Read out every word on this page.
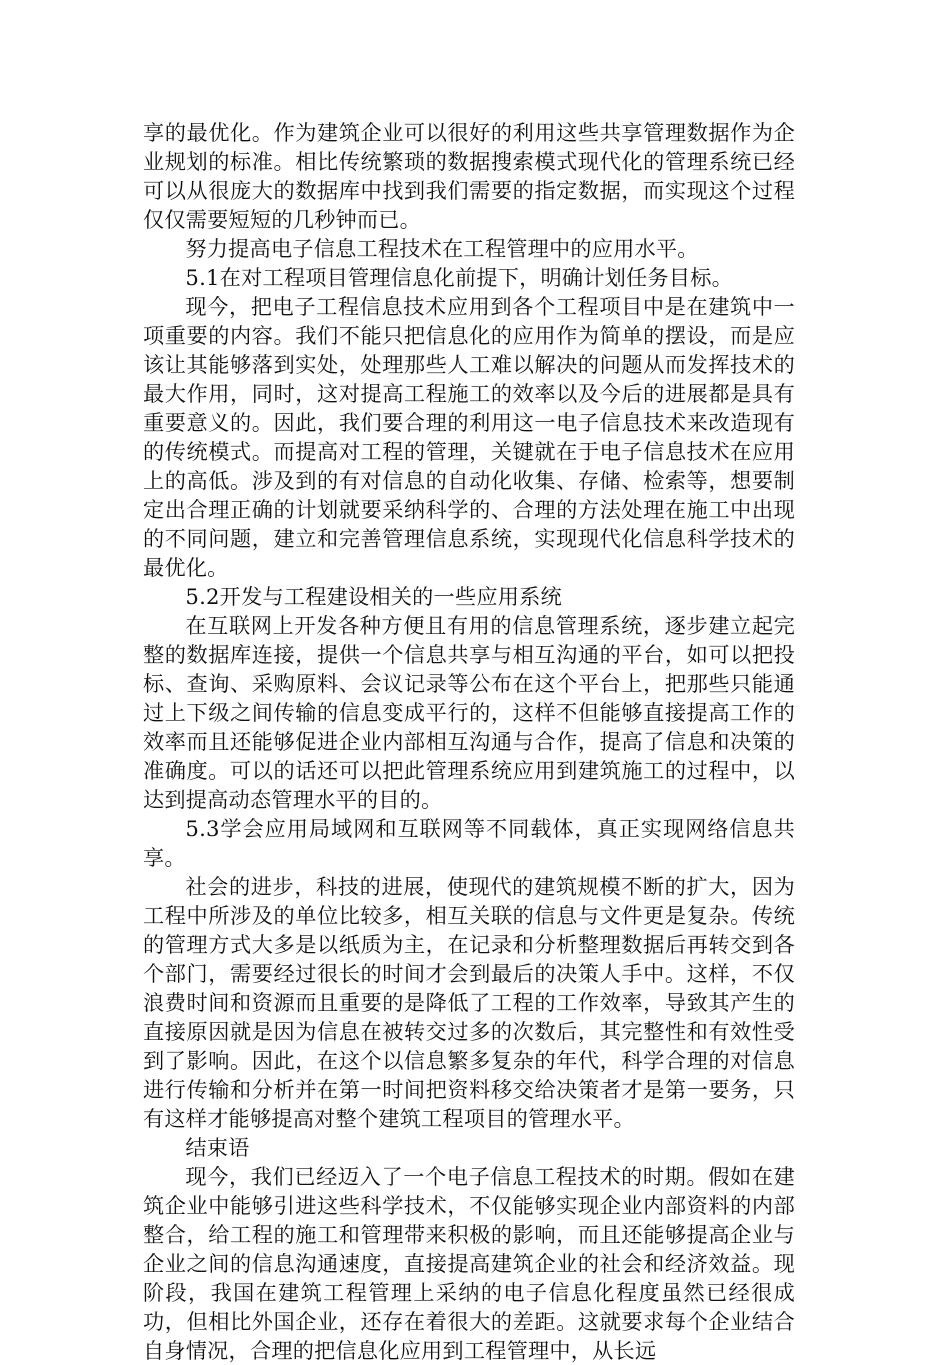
享的最优化。作为建筑企业可以很好的利用这些共享管理数据作为企业规划的标准。相比传统繁琐的数据搜索模式现代化的管理系统已经可以从很庞大的数据库中找到我们需要的指定数据，而实现这个过程仅仅需要短短的几秒钟而已。

努力提高电子信息工程技术在工程管理中的应用水平。

5.1在对工程项目管理信息化前提下，明确计划任务目标。

现今，把电子工程信息技术应用到各个工程项目中是在建筑中一项重要的内容。我们不能只把信息化的应用作为简单的摆设，而是应该让其能够落到实处，处理那些人工难以解决的问题从而发挥技术的最大作用，同时，这对提高工程施工的效率以及今后的进展都是具有重要意义的。因此，我们要合理的利用这一电子信息技术来改造现有的传统模式。而提高对工程的管理，关键就在于电子信息技术在应用上的高低。涉及到的有对信息的自动化收集、存储、检索等，想要制定出合理正确的计划就要采纳科学的、合理的方法处理在施工中出现的不同问题，建立和完善管理信息系统，实现现代化信息科学技术的最优化。

5.2开发与工程建设相关的一些应用系统

在互联网上开发各种方便且有用的信息管理系统，逐步建立起完整的数据库连接，提供一个信息共享与相互沟通的平台，如可以把投标、查询、采购原料、会议记录等公布在这个平台上，把那些只能通过上下级之间传输的信息变成平行的，这样不但能够直接提高工作的效率而且还能够促进企业内部相互沟通与合作，提高了信息和决策的准确度。可以的话还可以把此管理系统应用到建筑施工的过程中，以达到提高动态管理水平的目的。

5.3学会应用局域网和互联网等不同载体，真正实现网络信息共享。

社会的进步，科技的进展，使现代的建筑规模不断的扩大，因为工程中所涉及的单位比较多，相互关联的信息与文件更是复杂。传统的管理方式大多是以纸质为主，在记录和分析整理数据后再转交到各个部门，需要经过很长的时间才会到最后的决策人手中。这样，不仅浪费时间和资源而且重要的是降低了工程的工作效率，导致其产生的直接原因就是因为信息在被转交过多的次数后，其完整性和有效性受到了影响。因此，在这个以信息繁多复杂的年代，科学合理的对信息进行传输和分析并在第一时间把资料移交给决策者才是第一要务，只有这样才能够提高对整个建筑工程项目的管理水平。

结束语

现今，我们已经迈入了一个电子信息工程技术的时期。假如在建筑企业中能够引进这些科学技术，不仅能够实现企业内部资料的内部整合，给工程的施工和管理带来积极的影响，而且还能够提高企业与企业之间的信息沟通速度，直接提高建筑企业的社会和经济效益。现阶段，我国在建筑工程管理上采纳的电子信息化程度虽然已经很成功，但相比外国企业，还存在着很大的差距。这就要求每个企业结合自身情况，合理的把信息化应用到工程管理中，从长远
